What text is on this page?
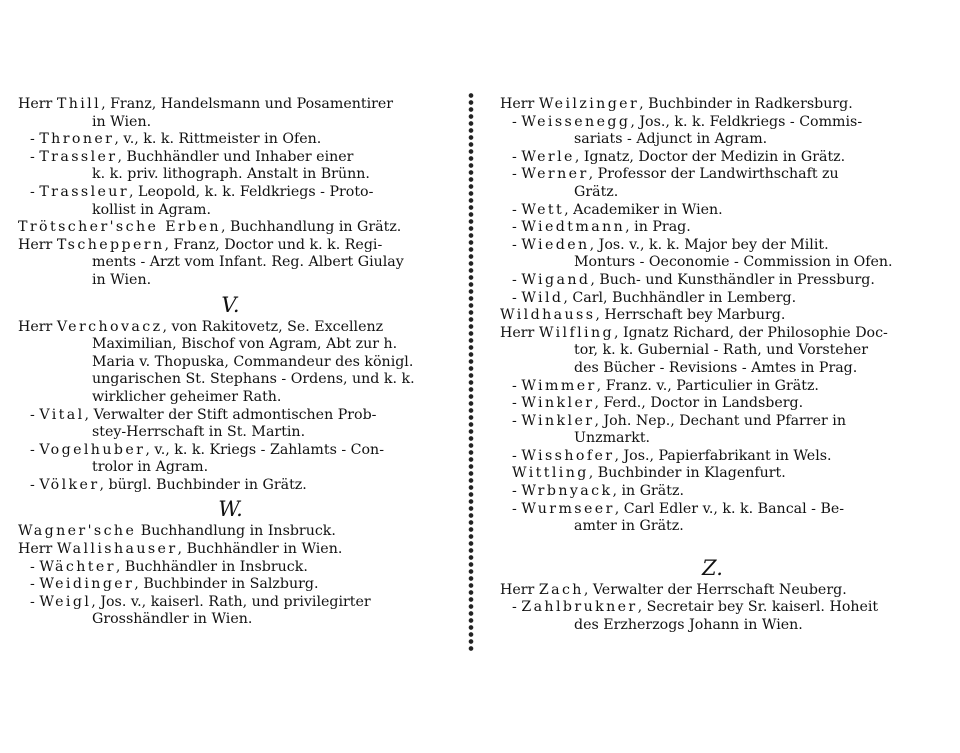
Herr Thill, Franz, Handelsmann und Posamentirer
in Wien.
- Throner, v., k. k. Rittmeister in Ofen.
- Trassler, Buchhändler und Inhaber einer
k. k. priv. lithograph. Anstalt in Brünn.
- Trassleur, Leopold, k. k. Feldkriegs - Proto-
kollist in Agram.
Trötscher'sche Erben, Buchhandlung in Grätz.
Herr Tscheppern, Franz, Doctor und k. k. Regi-
ments - Arzt vom Infant. Reg. Albert Giulay
in Wien.
V.
Herr Verchovacz, von Rakitovetz, Se. Excellenz
Maximilian, Bischof von Agram, Abt zur h.
Maria v. Thopuska, Commandeur des königl.
ungarischen St. Stephans - Ordens, und k. k.
wirklicher geheimer Rath.
- Vital, Verwalter der Stift admontischen Prob-
stey-Herrschaft in St. Martin.
- Vogelhuber, v., k. k. Kriegs - Zahlamts - Con-
trolor in Agram.
- Völker, bürgl. Buchbinder in Grätz.
W.
Wagner'sche Buchhandlung in Insbruck.
Herr Wallishauser, Buchhändler in Wien.
- Wächter, Buchhändler in Insbruck.
- Weidinger, Buchbinder in Salzburg.
- Weigl, Jos. v., kaiserl. Rath, und privilegirter
Grosshändler in Wien.
Herr Weilzinger, Buchbinder in Radkersburg.
- Weissenegg, Jos., k. k. Feldkriegs - Commis-
sariats - Adjunct in Agram.
- Werle, Ignatz, Doctor der Medizin in Grätz.
- Werner, Professor der Landwirthschaft zu
Grätz.
- Wett, Academiker in Wien.
- Wiedtmann, in Prag.
- Wieden, Jos. v., k. k. Major bey der Milit.
Monturs - Oeconomie - Commission in Ofen.
- Wigand, Buch- und Kunsthändler in Pressburg.
- Wild, Carl, Buchhändler in Lemberg.
Wildhauss, Herrschaft bey Marburg.
Herr Wilfling, Ignatz Richard, der Philosophie Doc-
tor, k. k. Gubernial - Rath, und Vorsteher
des Bücher - Revisions - Amtes in Prag.
- Wimmer, Franz. v., Particulier in Grätz.
- Winkler, Ferd., Doctor in Landsberg.
- Winkler, Joh. Nep., Dechant und Pfarrer in
Unzmarkt.
- Wisshofer, Jos., Papierfabrikant in Wels.
Wittling, Buchbinder in Klagenfurt.
- Wrbnyack, in Grätz.
- Wurmseer, Carl Edler v., k. k. Bancal - Be-
amter in Grätz.
Z.
Herr Zach, Verwalter der Herrschaft Neuberg.
- Zahlbrukner, Secretair bey Sr. kaiserl. Hoheit
des Erzherzogs Johann in Wien.
